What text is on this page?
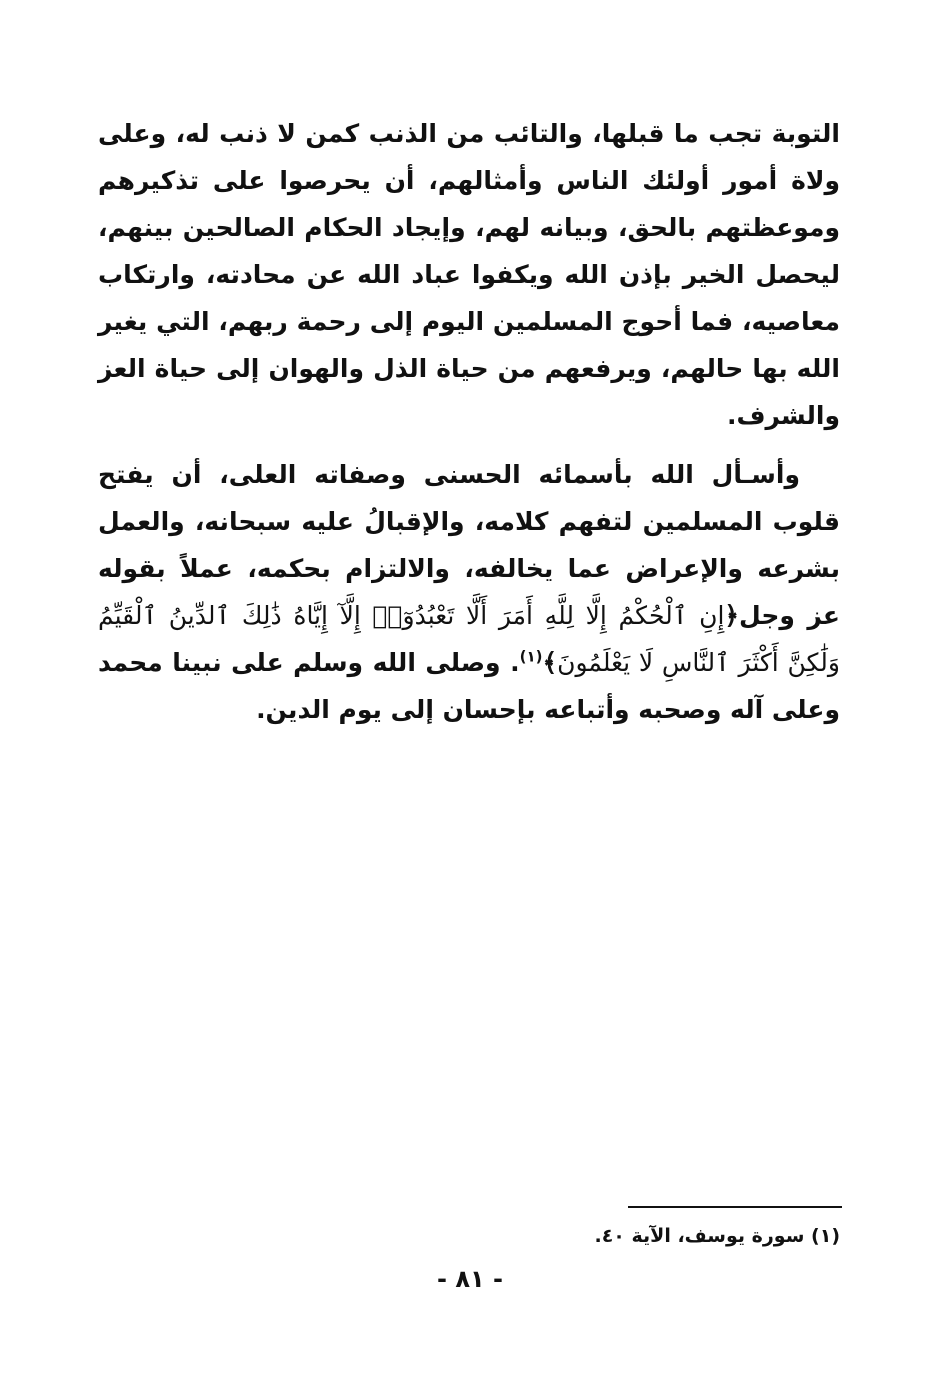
التوبة تجب ما قبلها، والتائب من الذنب كمن لا ذنب له، وعلى ولاة أمور أولئك الناس وأمثالهم، أن يحرصوا على تذكيرهم وموعظتهم بالحق، وبيانه لهم، وإيجاد الحكام الصالحين بينهم، ليحصل الخير بإذن الله ويكفوا عباد الله عن محادته، وارتكاب معاصيه، فما أحوج المسلمين اليوم إلى رحمة ربهم، التي يغير الله بها حالهم، ويرفعهم من حياة الذل والهوان إلى حياة العز والشرف.

وأسـأل الله بأسمائه الحسنى وصفاته العلى، أن يفتح قلوب المسلمين لتفهم كلامه، والإقبالُ عليه سبحانه، والعمل بشرعه والإعراض عما يخالفه، والالتزام بحكمه، عملاً بقوله عز وجل﴿إِنِ ٱلْحُكْمُ إِلَّا لِلَّهِ أَمَرَ أَلَّا تَعْبُدُوٓا۟ إِلَّآ إِيَّاهُ ذَٰلِكَ ٱلدِّينُ ٱلْقَيِّمُ وَلَٰكِنَّ أَكْثَرَ ٱلنَّاسِ لَا يَعْلَمُونَ﴾$^{(١)}$. وصلى الله وسلم على نبينا محمد وعلى آله وصحبه وأتباعه بإحسان إلى يوم الدين.

(١) سورة يوسف، الآية ٤٠.
- ٨١ -
